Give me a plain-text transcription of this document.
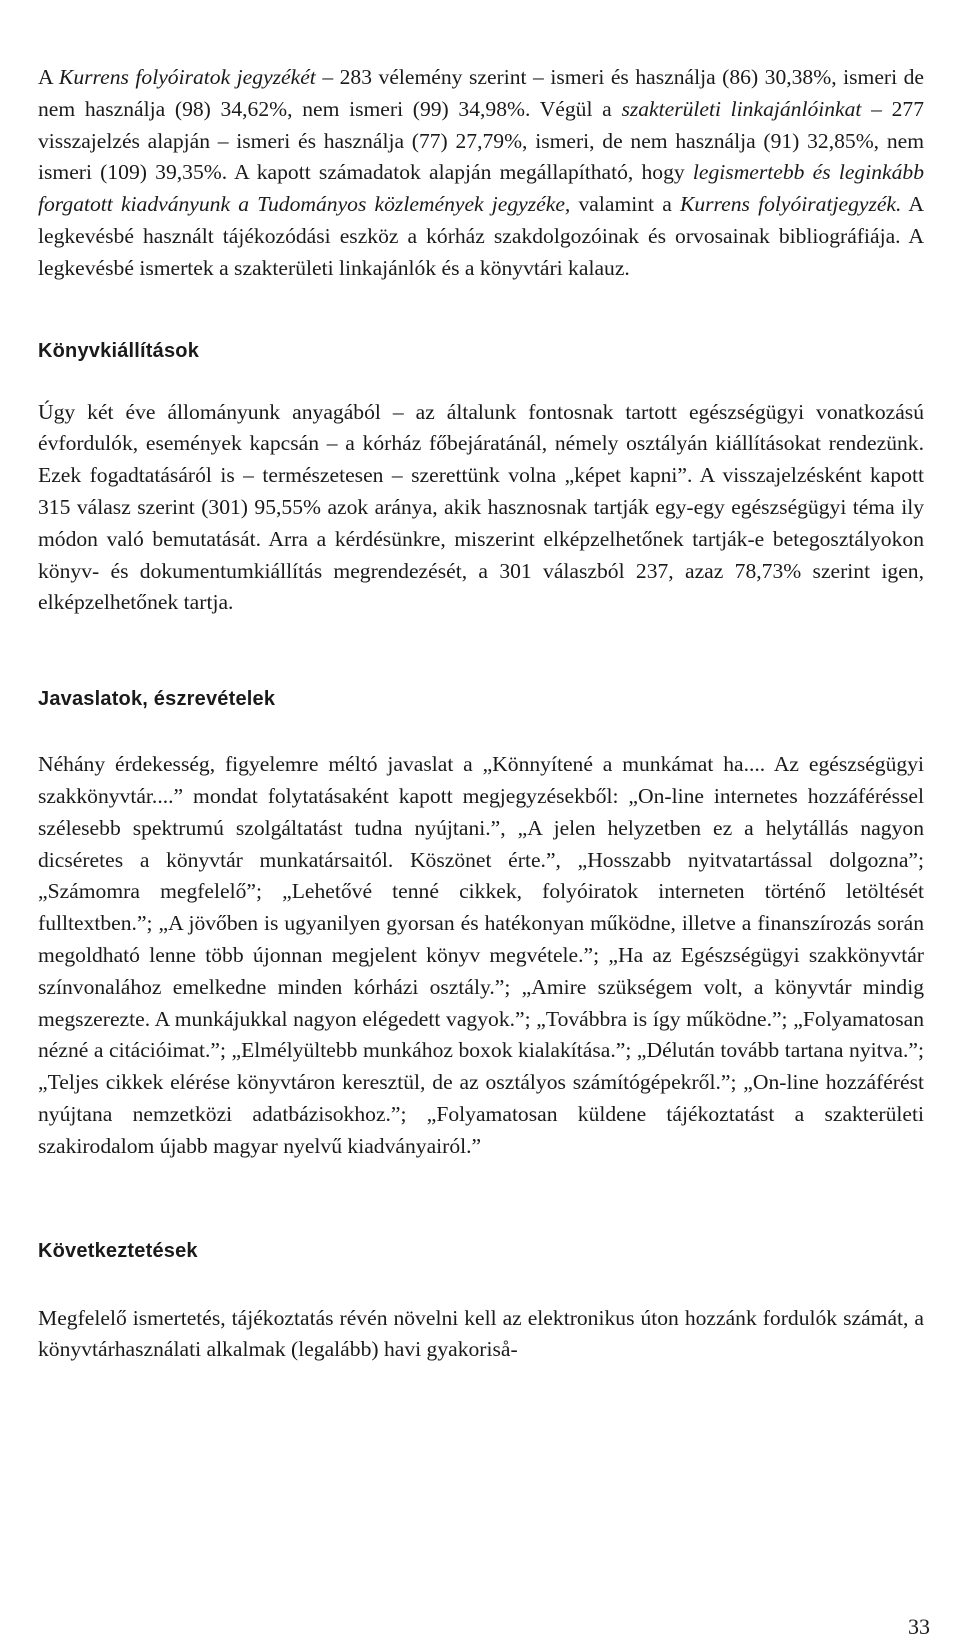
A Kurrens folyóiratok jegyzékét – 283 vélemény szerint – ismeri és használja (86) 30,38%, ismeri de nem használja (98) 34,62%, nem ismeri (99) 34,98%. Végül a szakterületi linkajánlóinkat – 277 visszajelzés alapján – ismeri és használja (77) 27,79%, ismeri, de nem használja (91) 32,85%, nem ismeri (109) 39,35%. A kapott számadatok alapján megállapítható, hogy legismertebb és leginkább forgatott kiadványunk a Tudományos közlemények jegyzéke, valamint a Kurrens folyóiratjegyzék. A legkevésbé használt tájékozódási eszköz a kórház szakdolgozóinak és orvosainak bibliográfiája. A legkevésbé ismertek a szakterületi linkajánlók és a könyvtári kalauz.

Könyvkiállítások

Úgy két éve állományunk anyagából – az általunk fontosnak tartott egészségügyi vonatkozású évfordulók, események kapcsán – a kórház főbejáratánál, némely osztályán kiállításokat rendezünk. Ezek fogadtatásáról is – természetesen – szerettünk volna „képet kapni”. A visszajelzésként kapott 315 válasz szerint (301) 95,55% azok aránya, akik hasznosnak tartják egy-egy egészségügyi téma ily módon való bemutatását. Arra a kérdésünkre, miszerint elképzelhetőnek tartják-e betegosztályokon könyv- és dokumentumkiállítás megrendezését, a 301 válaszból 237, azaz 78,73% szerint igen, elképzelhetőnek tartja.

Javaslatok, észrevételek

Néhány érdekesség, figyelemre méltó javaslat a „Könnyítené a munkámat ha.... Az egészségügyi szakkönyvtár....” mondat folytatásaként kapott megjegyzésekből: „On-line internetes hozzáféréssel szélesebb spektrumú szolgáltatást tudna nyújtani.”, „A jelen helyzetben ez a helytállás nagyon dicséretes a könyvtár munkatársaitól. Köszönet érte.”, „Hosszabb nyitvatartással dolgozna”; „Számomra megfelelő”; „Lehetővé tenné cikkek, folyóiratok interneten történő letöltését fulltextben.”; „A jövőben is ugyanilyen gyorsan és hatékonyan működne, illetve a finanszírozás során megoldható lenne több újonnan megjelent könyv megvétele.”; „Ha az Egészségügyi szakkönyvtár színvonalához emelkedne minden kórházi osztály.”; „Amire szükségem volt, a könyvtár mindig megszerezte. A munkájukkal nagyon elégedett vagyok.”; „Továbbra is így működne.”; „Folyamatosan nézné a citációimat.”; „Elmélyültebb munkához boxok kialakítása.”; „Délután tovább tartana nyitva.”; „Teljes cikkek elérése könyvtáron keresztül, de az osztályos számítógépekről.”; „On-line hozzáférést nyújtana nemzetközi adatbázisokhoz.”; „Folyamatosan küldene tájékoztatást a szakterületi szakirodalom újabb magyar nyelvű kiadványairól.”

Következtetések

Megfelelő ismertetés, tájékoztatás révén növelni kell az elektronikus úton hozzánk fordulók számát, a könyvtárhasználati alkalmak (legalább) havi gyakoriså-

33
